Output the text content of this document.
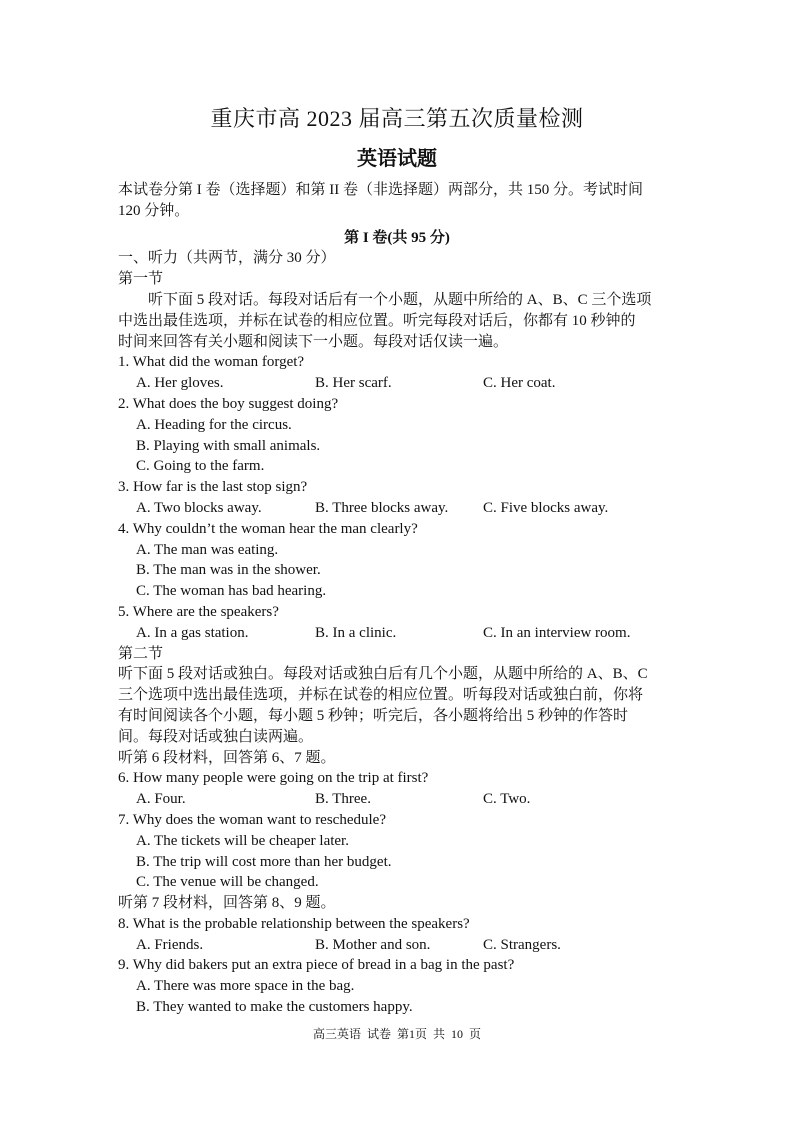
重庆市高 2023 届高三第五次质量检测
英语试题

本试卷分第 I 卷（选择题）和第 II 卷（非选择题）两部分，共 150 分。考试时间

120 分钟。

第 I 卷(共 95 分)

一、听力（共两节，满分 30 分）

第一节

听下面 5 段对话。每段对话后有一个小题，从题中所给的 A、B、C 三个选项

中选出最佳选项，并标在试卷的相应位置。听完每段对话后，你都有 10 秒钟的

时间来回答有关小题和阅读下一小题。每段对话仅读一遍。

1. What did the woman forget?

A. Her gloves.	B. Her scarf.	C. Her coat.

2. What does the boy suggest doing?

A. Heading for the circus.

B. Playing with small animals.

C. Going to the farm.

3. How far is the last stop sign?

A. Two blocks away.	B. Three blocks away.	C. Five blocks away.

4. Why couldn’t the woman hear the man clearly?

A. The man was eating.

B. The man was in the shower.

C. The woman has bad hearing.

5. Where are the speakers?

A. In a gas station.	B. In a clinic.	C. In an interview room.

第二节

听下面 5 段对话或独白。每段对话或独白后有几个小题，从题中所给的 A、B、C

三个选项中选出最佳选项，并标在试卷的相应位置。听每段对话或独白前，你将

有时间阅读各个小题，每小题 5 秒钟；听完后，各小题将给出 5 秒钟的作答时

间。每段对话或独白读两遍。

听第 6 段材料，回答第 6、7 题。

6. How many people were going on the trip at first?

A. Four.	B. Three.	C. Two.

7. Why does the woman want to reschedule?

A. The tickets will be cheaper later.

B. The trip will cost more than her budget.

C. The venue will be changed.

听第 7 段材料，回答第 8、9 题。

8. What is the probable relationship between the speakers?

A. Friends.	B. Mother and son.	C. Strangers.

9. Why did bakers put an extra piece of bread in a bag in the past?

A. There was more space in the bag.

B. They wanted to make the customers happy.

高三英语 试卷 第1页 共 10 页
